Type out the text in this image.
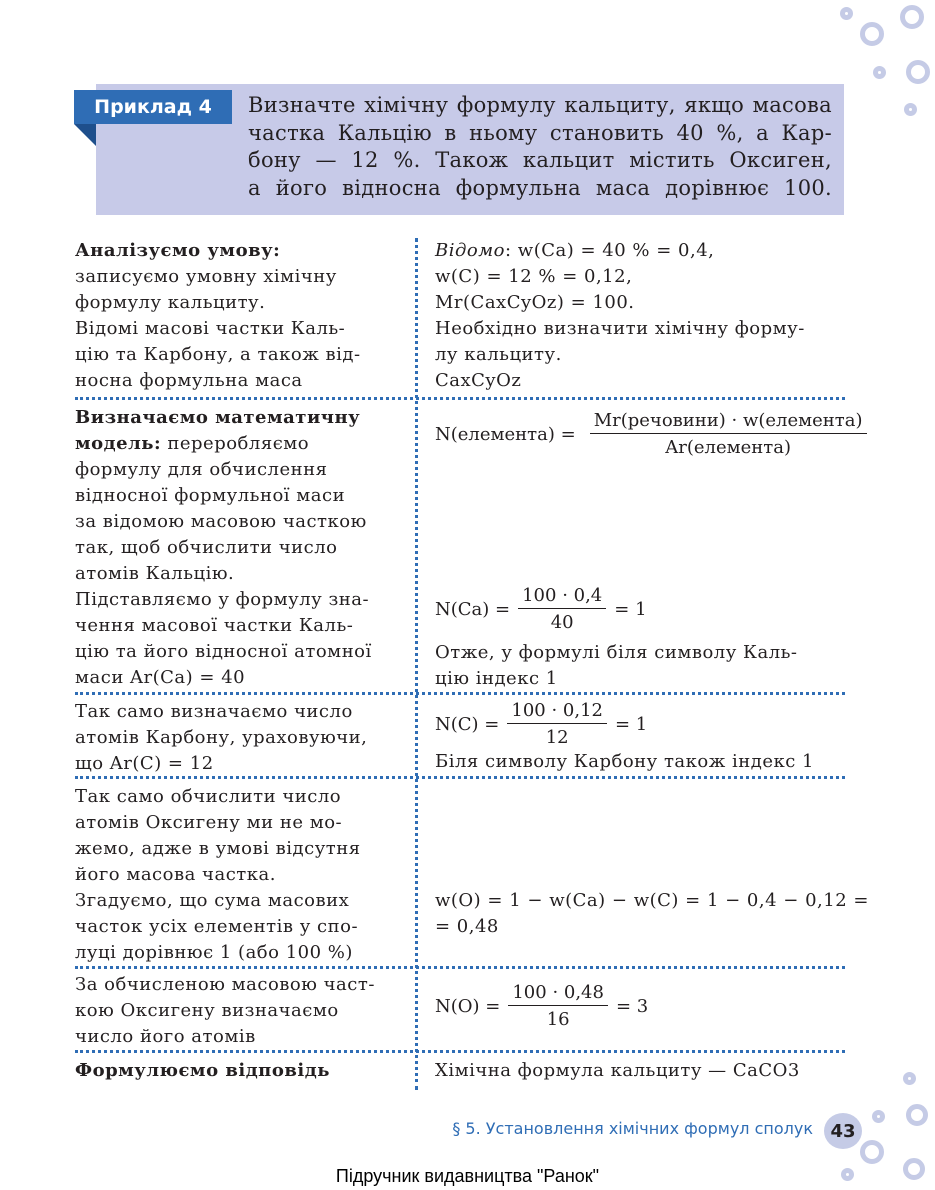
Приклад 4 Визначте хімічну формулу кальциту, якщо масова
частка Кальцію в ньому становить 40 %, а Кар-
бону — 12 %. Також кальцит містить Оксиген,
а його відносна формульна маса дорівнює 100.
Аналізуємо умову:
записуємо умовну хімічну
формулу кальциту.
Відомі масові частки Каль-
цію та Карбону, а також від-
носна формульна маса
Відомо: w(Ca) = 40 % = 0,4,
w(C) = 12 % = 0,12,
Mr(CaxCyOz) = 100.
Необхідно визначити хімічну форму-
лу кальциту.
CaxCyOz
Визначаємо математичну
модель: переробляємо
формулу для обчислення
відносної формульної маси
за відомою масовою часткою
так, щоб обчислити число
атомів Кальцію.
Підставляємо у формулу зна-
чення масової частки Каль-
цію та його відносної атомної
маси Ar(Ca) = 40
N(елемента) = $\frac{\text{Mr(речовини) · w(елемента)}}{\text{Ar(елемента)}}$
$N(Ca) = \frac{100 \cdot 0,4}{40} = 1$
Отже, у формулі біля символу Каль-
цію індекс 1
Так само визначаємо число
атомів Карбону, ураховуючи,
що Ar(C) = 12
$N(C) = \frac{100 \cdot 0,12}{12} = 1$
Біля символу Карбону також індекс 1
Так само обчислити число
атомів Оксигену ми не мо-
жемо, адже в умові відсутня
його масова частка.
Згадуємо, що сума масових
часток усіх елементів у спо-
луці дорівнює 1 (або 100 %)
w(O) = 1 − w(Ca) − w(C) = 1 − 0,4 − 0,12 =
= 0,48
За обчисленою масовою част-
кою Оксигену визначаємо
число його атомів
$N(O) = \frac{100 \cdot 0,48}{16} = 3$
Формулюємо відповідь	Хімічна формула кальциту — CaCO3
§ 5. Установлення хімічних формул сполук 43
Підручник видавництва "Ранок"
